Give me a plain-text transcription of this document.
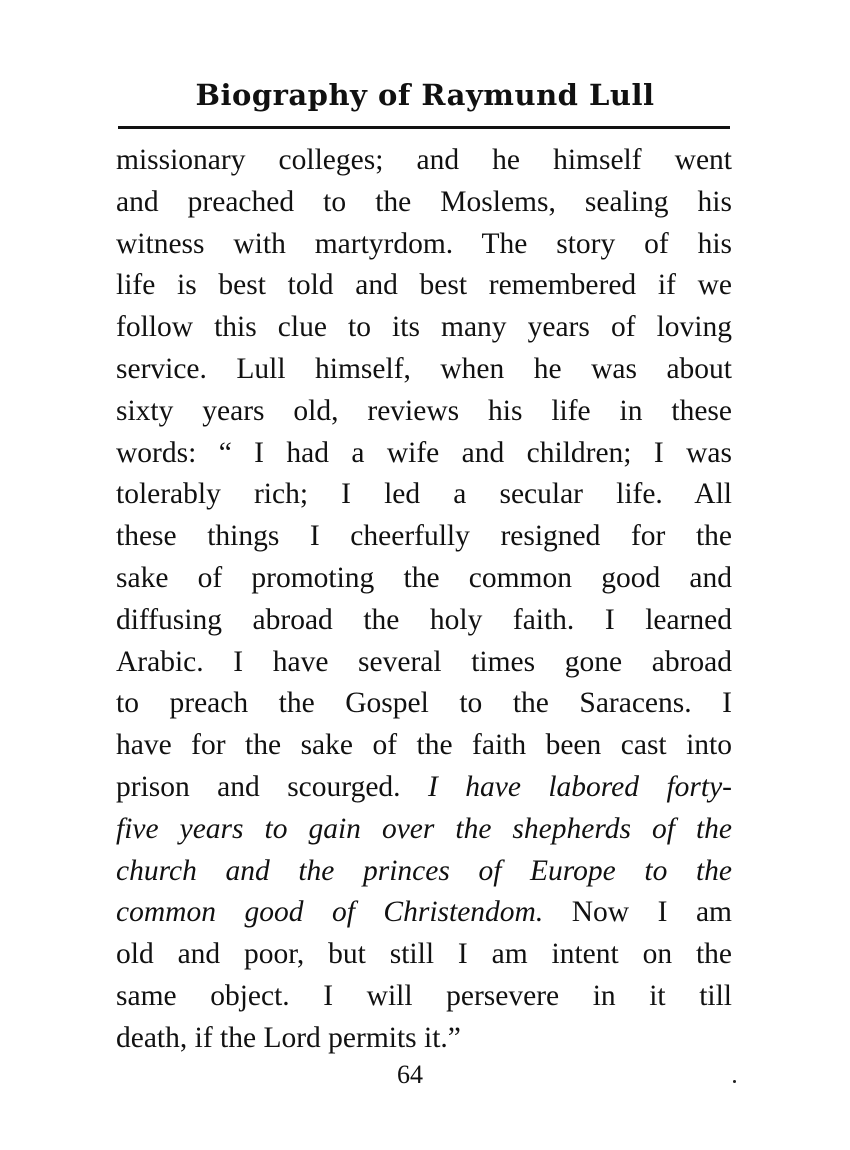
Biography of Raymund Lull
missionary colleges; and he himself went
and preached to the Moslems, sealing his
witness with martyrdom. The story of his
life is best told and best remembered if we
follow this clue to its many years of loving
service. Lull himself, when he was about
sixty years old, reviews his life in these
words: “ I had a wife and children; I was
tolerably rich; I led a secular life. All
these things I cheerfully resigned for the
sake of promoting the common good and
diffusing abroad the holy faith. I learned
Arabic. I have several times gone abroad
to preach the Gospel to the Saracens. I
have for the sake of the faith been cast into
prison and scourged. I have labored forty-
five years to gain over the shepherds of the
church and the princes of Europe to the
common good of Christendom. Now I am
old and poor, but still I am intent on the
same object. I will persevere in it till
death, if the Lord permits it.”
64
